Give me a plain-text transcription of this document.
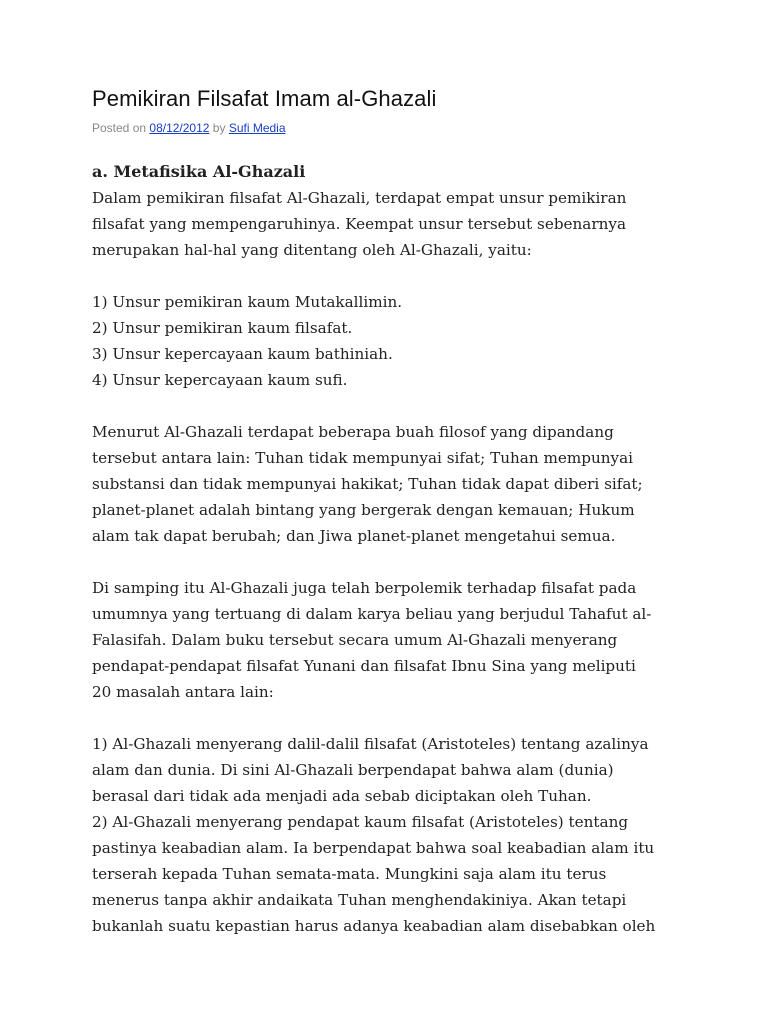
Pemikiran Filsafat Imam al-Ghazali
Posted on 08/12/2012 by Sufi Media
a. Metafisika Al-Ghazali

Dalam pemikiran filsafat Al-Ghazali, terdapat empat unsur pemikiran
filsafat yang mempengaruhinya. Keempat unsur tersebut sebenarnya
merupakan hal-hal yang ditentang oleh Al-Ghazali, yaitu:

1) Unsur pemikiran kaum Mutakallimin.
2) Unsur pemikiran kaum filsafat.
3) Unsur kepercayaan kaum bathiniah.
4) Unsur kepercayaan kaum sufi.

Menurut Al-Ghazali terdapat beberapa buah filosof yang dipandang
tersebut antara lain: Tuhan tidak mempunyai sifat; Tuhan mempunyai
substansi dan tidak mempunyai hakikat; Tuhan tidak dapat diberi sifat;
planet-planet adalah bintang yang bergerak dengan kemauan; Hukum
alam tak dapat berubah; dan Jiwa planet-planet mengetahui semua.

Di samping itu Al-Ghazali juga telah berpolemik terhadap filsafat pada
umumnya yang tertuang di dalam karya beliau yang berjudul Tahafut al-
Falasifah. Dalam buku tersebut secara umum Al-Ghazali menyerang
pendapat-pendapat filsafat Yunani dan filsafat Ibnu Sina yang meliputi
20 masalah antara lain:

1) Al-Ghazali menyerang dalil-dalil filsafat (Aristoteles) tentang azalinya
alam dan dunia. Di sini Al-Ghazali berpendapat bahwa alam (dunia)
berasal dari tidak ada menjadi ada sebab diciptakan oleh Tuhan.
2) Al-Ghazali menyerang pendapat kaum filsafat (Aristoteles) tentang
pastinya keabadian alam. Ia berpendapat bahwa soal keabadian alam itu
terserah kepada Tuhan semata-mata. Mungkini saja alam itu terus
menerus tanpa akhir andaikata Tuhan menghendakiniya. Akan tetapi
bukanlah suatu kepastian harus adanya keabadian alam disebabkan oleh
